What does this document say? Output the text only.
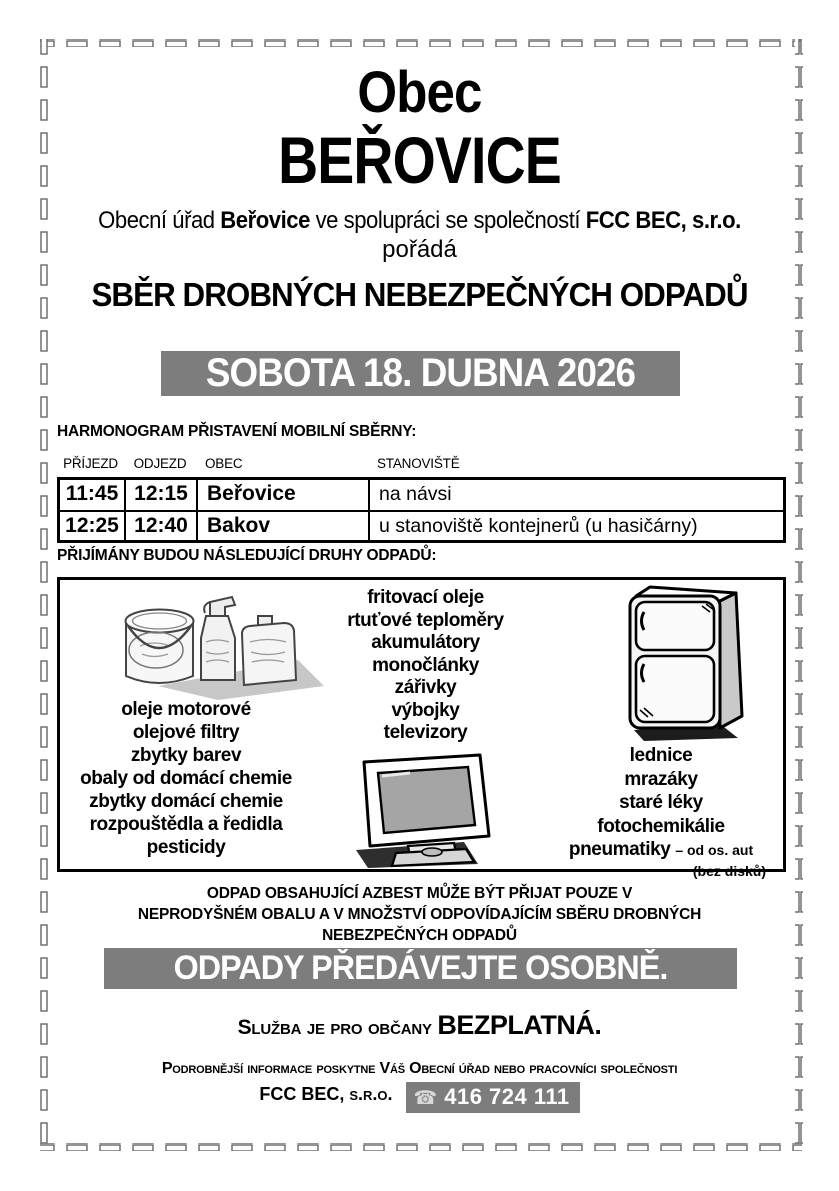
Obec
BEŘOVICE
Obecní úřad Beřovice ve spolupráci se společností FCC BEC, s.r.o.
pořádá
SBĚR DROBNÝCH NEBEZPEČNÝCH ODPADŮ
SOBOTA 18. DUBNA 2026
HARMONOGRAM PŘISTAVENÍ MOBILNÍ SBĚRNY:
PŘÍJEZD	ODJEZD	OBEC	STANOVIŠTĚ
11:45 12:15 Beřovice	na návsi
12:25 12:40 Bakov	u stanoviště kontejnerů (u hasičárny)
PŘIJÍMÁNY BUDOU NÁSLEDUJÍCÍ DRUHY ODPADŮ:
oleje motorové
olejové filtry
zbytky barev
obaly od domácí chemie
zbytky domácí chemie
rozpouštědla a ředidla
pesticidy
fritovací oleje
rtuťové teploměry
akumulátory
monočlánky
zářivky
výbojky
televizory
lednice
mrazáky
staré léky
fotochemikálie
pneumatiky – od os. aut
(bez disků)
ODPAD OBSAHUJÍCÍ AZBEST MŮŽE BÝT PŘIJAT POUZE V
NEPRODYŠNÉM OBALU A V MNOŽSTVÍ ODPOVÍDAJÍCÍM SBĚRU DROBNÝCH
NEBEZPEČNÝCH ODPADŮ
ODPADY PŘEDÁVEJTE OSOBNĚ. DĚKUJEME.
Služba je pro občany BEZPLATNÁ.
Podrobnější informace poskytne Váš Obecní úřad nebo pracovníci společnosti
FCC BEC, s.r.o. ☎ 416 724 111
